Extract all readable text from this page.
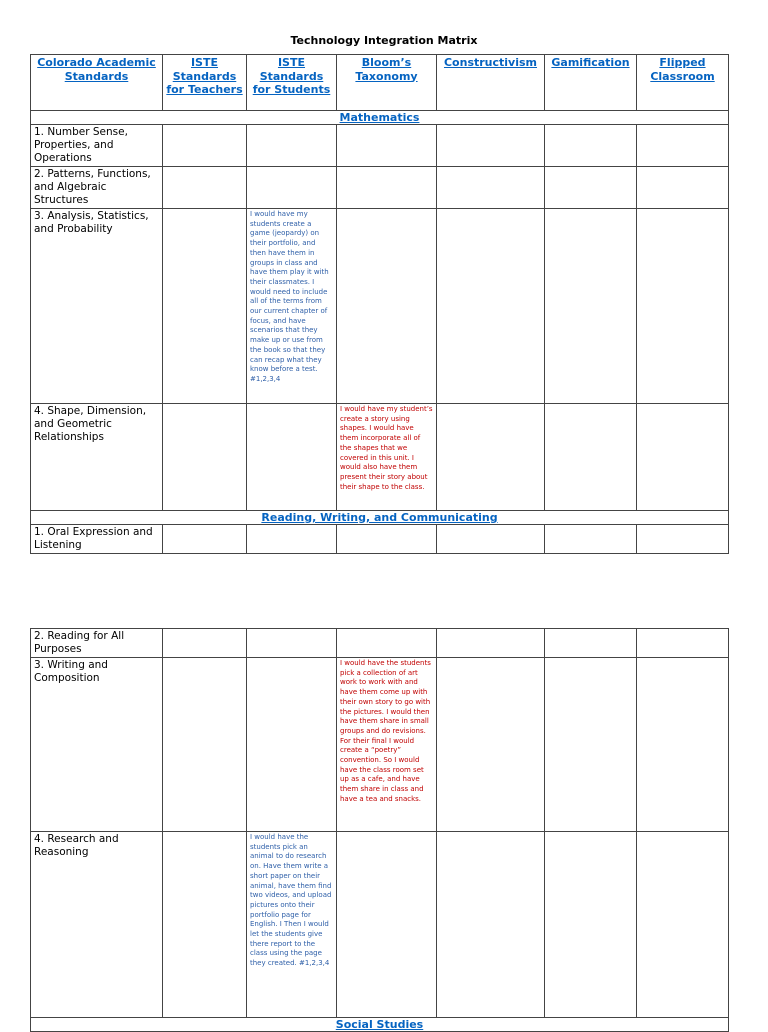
Technology Integration Matrix
Colorado Academic Standards	ISTE Standards for Teachers	ISTE Standards for Students	Bloom’s Taxonomy	Constructivism	Gamification	Flipped Classroom
Mathematics						
1. Number Sense, Properties, and Operations						
2. Patterns, Functions, and Algebraic Structures						
3. Analysis, Statistics, and Probability		I would have my students create a game (jeopardy) on their portfolio, and then have them in groups in class and have them play it with their classmates. I would need to include all of the terms from our current chapter of focus, and have scenarios that they make up or use from the book so that they can recap what they know before a test. #1,2,3,4				
4. Shape, Dimension, and Geometric Relationships			I would have my student’s create a story using shapes. I would have them incorporate all of the shapes that we covered in this unit. I would also have them present their story about their shape to the class.			
Reading, Writing, and Communicating						
1. Oral Expression and Listening						
2. Reading for All Purposes						
3. Writing and Composition			I would have the students pick a collection of art work to work with and have them come up with their own story to go with the pictures. I would then have them share in small groups and do revisions. For their final I would create a “poetry” convention. So I would have the class room set up as a cafe, and have them share in class and have a tea and snacks.			
4. Research and Reasoning		I would have the students pick an animal to do research on. Have them write a short paper on their animal, have them find two videos, and upload pictures onto their portfolio page for English. I Then I would let the students give there report to the class using the page they created. #1,2,3,4				
Social Studies						
